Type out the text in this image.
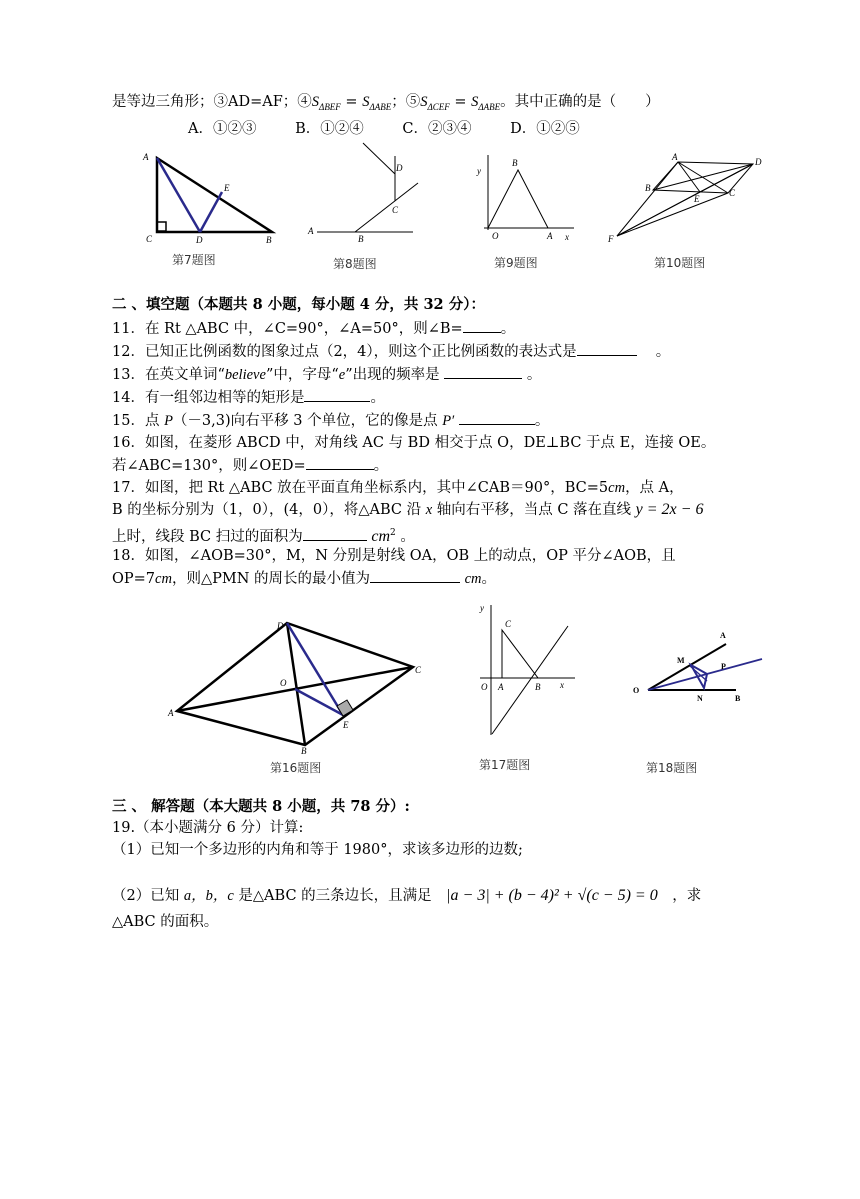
是等边三角形；③AD=AF；$④S_{\Delta BEF} = S_{\Delta ABE}$；$⑤S_{\Delta CEF} = S_{\Delta ABE}$。其中正确的是（　　）
A．①②③	B．①②④	C．②③④	D．①②⑤
A
E
C	D	B
第7题图
D
C
A
B
第8题图
y
B
O	A x
第9题图
A	D
B
E
C
F
第10题图
二 、填空题（本题共 8 小题，每小题 4 分，共 32 分）：
11．在 Rt △ABC 中，∠C=90°，∠A=50°，则∠B=	。
12．已知正比例函数的图象过点（2，4），则这个正比例函数的表达式是　	。
13．在英文单词“believe”中，字母“e”出现的频率是	。
14．有一组邻边相等的矩形是	。
15．点 P（－3,3)向右平移 3 个单位，它的像是点 P′	。
16．如图，在菱形 ABCD 中，对角线 AC 与 BD 相交于点 O，DE⊥BC 于点 E，连接 OE。
若∠ABC=130°，则∠OED=	。
17．如图，把 Rt △ABC 放在平面直角坐标系内，其中∠CAB＝90°，BC=5cm，点 A，
B 的坐标分别为（1，0），(4，0），将△ABC 沿 x 轴向右平移，当点 C 落在直线 y = 2x − 6
上时，线段 BC 扫过的面积为	$cm^2$ 。
18．如图，∠AOB=30°，M，N 分别是射线 OA，OB 上的动点，OP 平分∠AOB，且
OP=7cm，则△PMN 的周长的最小值为	cm。
D
C
O
A
E
B
第16题图
y
C
O A	B x
第17题图
A
M
P
O
N	B
第18题图
三 、 解答题（本大题共 8 小题，共 78 分）:
19.（本小题满分 6 分）计算:
（1）已知一个多边形的内角和等于 1980°，求该多边形的边数;
（2）已知 a，b，c 是△ABC 的三条边长，且满足　 |a − 3| + (b − 4)² + √(c − 5) = 0　 ，求
△ABC 的面积。
